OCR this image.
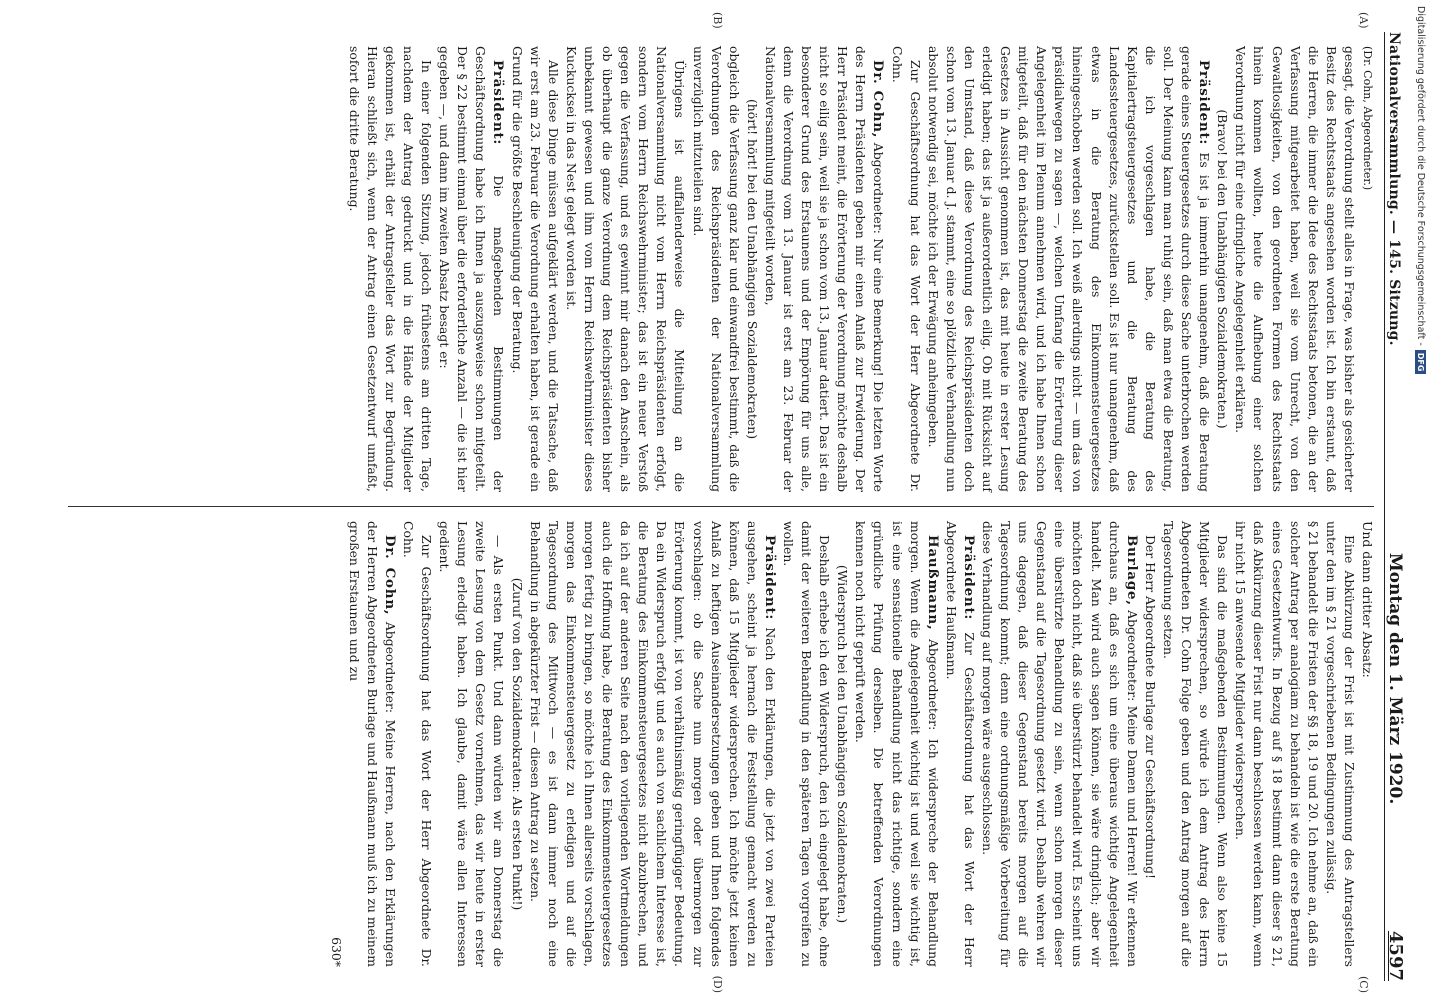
Nationalversammlung. — 145. Sitzung.
Montag den 1. März 1920.
4597
(A)
(B)
(C)
(D)

(Dr. Cohn, Abgeordneter.)

gesagt, die Verordnung stellt alles in Frage, was bisher als gesicherter Besitz des Rechtsstaats angesehen worden ist. Ich bin erstaunt, daß die Herren, die immer die Idee des Rechtsstaats betonen, die an der Verfassung mitgearbeitet haben, weil sie vom Unrecht, von den Gewaltlosigkeiten, von den geordneten Formen des Rechtsstaats hinein kommen wollten, heute die Aufhebung einer solchen Verordnung nicht für eine dringliche Angelegenheit erklären.

(Bravo! bei den Unabhängigen Sozialdemokraten.)

Präsident: Es ist ja immerhin unangenehm, daß die Beratung gerade eines Steuergesetzes durch diese Sache unterbrochen werden soll. Der Meinung kann man ruhig sein, daß man etwa die Beratung, die ich vorgeschlagen habe, die Beratung des Kapitalertragsteuergesetzes und die Beratung des Landessteuergesetzes, zurückstellen soll. Es ist nur unangenehm, daß etwas in die Beratung des Einkommensteuergesetzes hineingeschoben werden soll. Ich weiß allerdings nicht — um das von präsidialwegen zu sagen —, welchen Umfang die Erörterung dieser Angelegenheit im Plenum annehmen wird, und ich habe Ihnen schon mitgeteilt, daß für den nächsten Donnerstag die zweite Beratung des Gesetzes in Aussicht genommen ist, das mit heute in erster Lesung erledigt haben; das ist ja außerordentlich eilig. Ob mit Rücksicht auf den Umstand, daß diese Verordnung des Reichspräsidenten doch schon vom 13. Januar d. J. stammt, eine so plötzliche Verhandlung nun absolut notwendig sei, möchte ich der Erwägung anheimgeben.

Zur Geschäftsordnung hat das Wort der Herr Abgeordnete Dr. Cohn.

Dr. Cohn, Abgeordneter: Nur eine Bemerkung! Die letzten Worte des Herrn Präsidenten geben mir einen Anlaß zur Erwiderung. Der Herr Präsident meint, die Erörterung der Verordnung möchte deshalb nicht so eilig sein, weil sie ja schon vom 13. Januar datiert. Das ist ein besonderer Grund des Erstaunens und der Empörung für uns alle, denn die Verordnung vom 13. Januar ist erst am 23. Februar der Nationalversammlung mitgeteilt worden,

(hört! hört! bei den Unabhängigen Sozialdemokraten)

obgleich die Verfassung ganz klar und einwandfrei bestimmt, daß die Verordnungen des Reichspräsidenten der Nationalversammlung unverzüglich mitzuteilen sind.

Übrigens ist auffallenderweise die Mitteilung an die Nationalversammlung nicht vom Herrn Reichspräsidenten erfolgt, sondern vom Herrn Reichswehrminister; das ist ein neuer Verstoß gegen die Verfassung, und es gewinnt mir danach den Anschein, als ob überhaupt die ganze Verordnung dem Reichspräsidenten bisher unbekannt gewesen und ihm vom Herrn Reichswehrminister dieses Kuckucksei in das Nest gelegt worden ist.

Alle diese Dinge müssen aufgeklärt werden, und die Tatsache, daß wir erst am 23. Februar die Verordnung erhalten haben, ist gerade ein Grund für die größte Beschleunigung der Beratung.

Präsident: Die maßgebenden Bestimmungen der Geschäftsordnung habe ich Ihnen ja auszugsweise schon mitgeteilt. Der § 22 bestimmt einmal über die erforderliche Anzahl — die ist hier gegeben —, und dann im zweiten Absatz besagt er:

In einer folgenden Sitzung, jedoch frühestens am dritten Tage, nachdem der Antrag gedruckt und in die Hände der Mitglieder gekommen ist, erhält der Antragsteller das Wort zur Begründung. Hieran schließt sich, wenn der Antrag einen Gesetzentwurf umfaßt, sofort die dritte Beratung.

Und dann dritter Absatz:

Eine Abkürzung der Frist ist mit Zustimmung des Antragstellers unter den im § 21 vorgeschriebenen Bedingungen zulässig.

§ 21 behandelt die Fristen der §§ 18, 19 und 20. Ich nehme an, daß ein solcher Antrag per analogiam zu behandeln ist wie die erste Beratung eines Gesetzentwurfs. In Bezug auf § 18 bestimmt dann dieser § 21, daß Abkürzung dieser Frist nur dann beschlossen werden kann, wenn ihr nicht 15 anwesende Mitglieder widersprechen.

Das sind die maßgebenden Bestimmungen. Wenn also keine 15 Mitglieder widersprechen, so würde ich dem Antrag des Herrn Abgeordneten Dr. Cohn Folge geben und den Antrag morgen auf die Tagesordnung setzen.

Der Herr Abgeordnete Burlage zur Geschäftsordnung!

Burlage, Abgeordneter: Meine Damen und Herren! Wir erkennen durchaus an, daß es sich um eine überaus wichtige Angelegenheit handelt. Man wird auch sagen können, sie wäre dringlich; aber wir möchten doch nicht, daß sie überstürzt behandelt wird. Es scheint uns eine überstürzte Behandlung zu sein, wenn schon morgen dieser Gegenstand auf die Tagesordnung gesetzt wird. Deshalb wehren wir uns dagegen, daß dieser Gegenstand bereits morgen auf die Tagesordnung kommt; denn eine ordnungsmäßige Vorbereitung für diese Verhandlung auf morgen wäre ausgeschlossen.

Präsident: Zur Geschäftsordnung hat das Wort der Herr Abgeordnete Haußmann.

Haußmann, Abgeordneter: Ich widerspreche der Behandlung morgen. Wenn die Angelegenheit wichtig ist und weil sie wichtig ist, ist eine sensationelle Behandlung nicht das richtige, sondern eine gründliche Prüfung derselben. Die betreffenden Verordnungen kennen noch nicht geprüft werden.

(Widerspruch bei den Unabhängigen Sozialdemokraten.)

Deshalb erhebe ich den Widerspruch, den ich eingelegt habe, ohne damit der weiteren Behandlung in den späteren Tagen vorgreifen zu wollen.

Präsident: Nach den Erklärungen, die jetzt von zwei Parteien ausgehen, scheint ja hernach die Feststellung gemacht werden zu können, daß 15 Mitglieder widersprechen. Ich möchte jetzt keinen Anlaß zu heftigen Auseinandersetzungen geben und Ihnen folgendes vorschlagen: ob die Sache nun morgen oder übermorgen zur Erörterung kommt, ist von verhältnismäßig geringfügiger Bedeutung. Da ein Widerspruch erfolgt und es auch von sachlichem Interesse ist, die Beratung des Einkommensteuergesetzes nicht abzubrechen, und da ich auf der anderen Seite nach den vorliegenden Wortmeldungen auch die Hoffnung habe, die Beratung des Einkommensteuergesetzes morgen fertig zu bringen, so möchte ich Ihnen allerseits vorschlagen, morgen das Einkommensteuergesetz zu erledigen und auf die Tagesordnung des Mittwoch — es ist dann immer noch eine Behandlung in abgekürzter Frist — diesen Antrag zu setzen.

(Zuruf von den Sozialdemokraten: Als ersten Punkt!)

— Als ersten Punkt. Und dann würden wir am Donnerstag die zweite Lesung von dem Gesetz vornehmen, das wir heute in erster Lesung erledigt haben. Ich glaube, damit wäre allen Interessen gedient.

Zur Geschäftsordnung hat das Wort der Herr Abgeordnete Dr. Cohn.

Dr. Cohn, Abgeordneter: Meine Herren, nach den Erklärungen der Herren Abgeordneten Burlage und Haußmann muß ich zu meinem großen Erstaunen und zu

630*

Digitalisierung gefördert durch die Deutsche Forschungsgemeinschaft -
DFG
